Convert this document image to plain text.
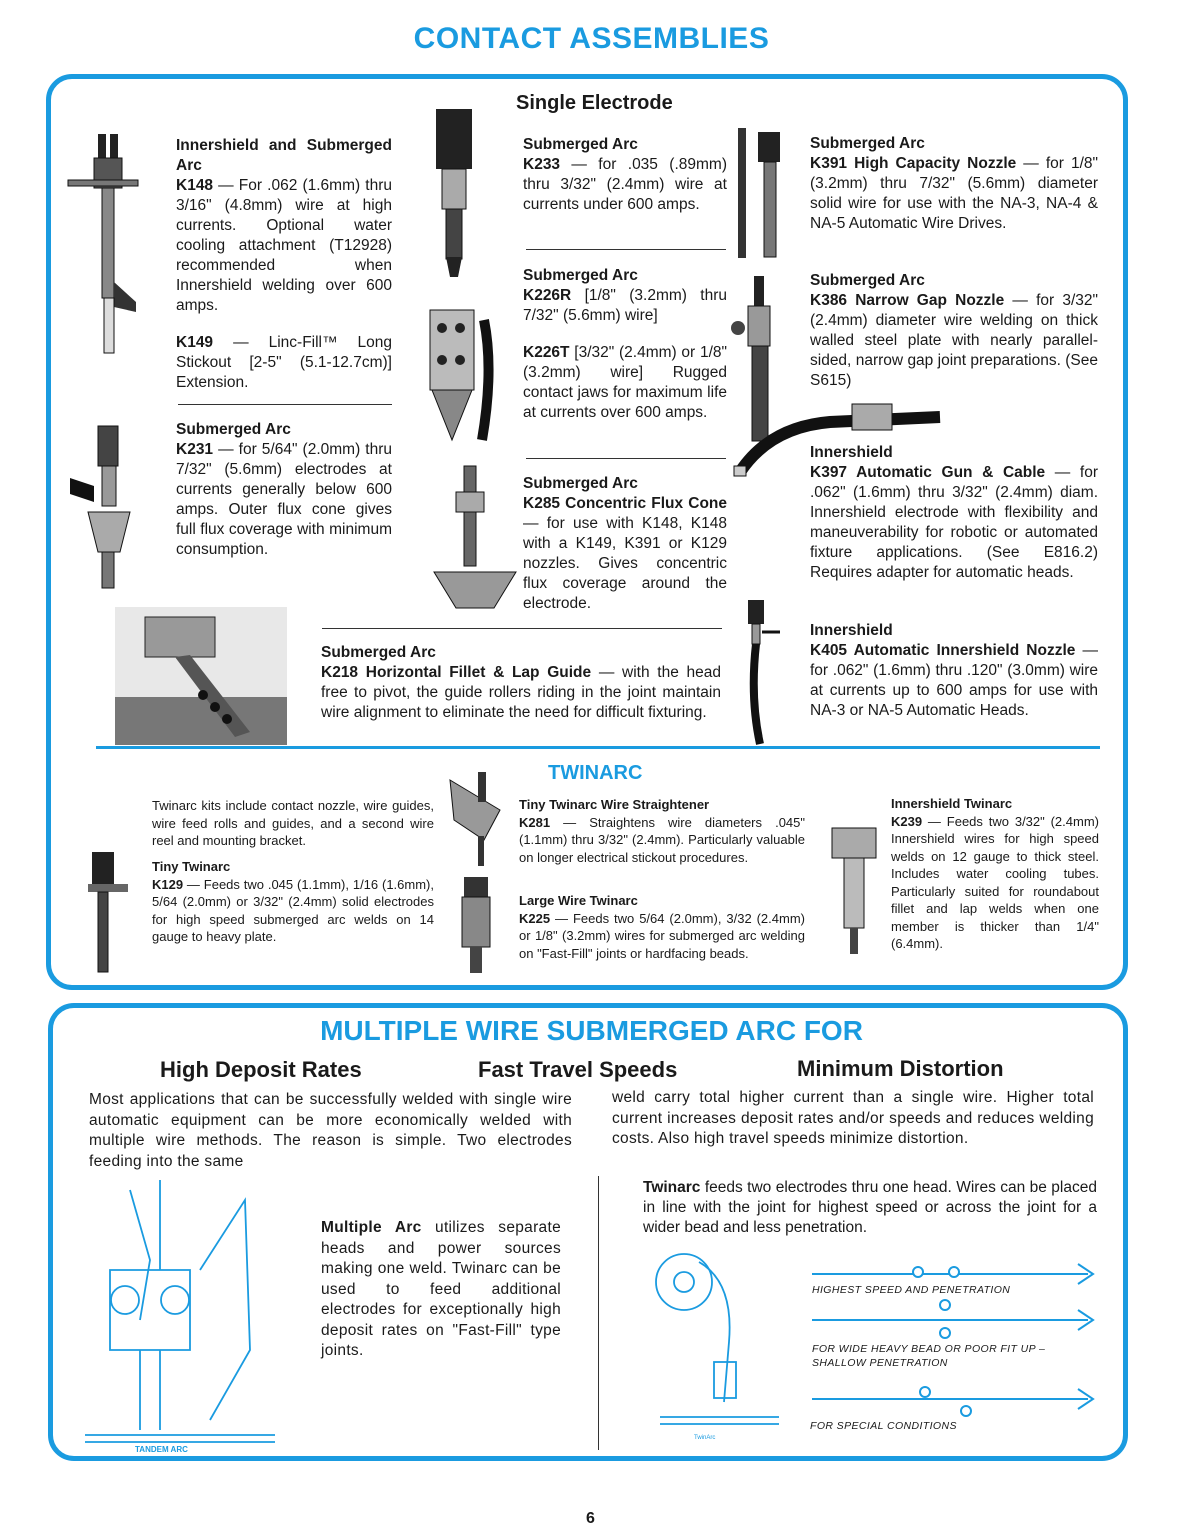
CONTACT ASSEMBLIES
Single Electrode
Innershield and Submerged Arc
K148 — For .062 (1.6mm) thru 3/16" (4.8mm) wire at high currents. Optional water cooling attachment (T12928) recommended when Innershield welding over 600 amps.
K149 — Linc-Fill™ Long Stickout [2-5" (5.1-12.7cm)] Extension.
Submerged Arc
K231 — for 5/64" (2.0mm) thru 7/32" (5.6mm) electrodes at currents generally below 600 amps. Outer flux cone gives full flux coverage with minimum consumption.
Submerged Arc
K233 — for .035 (.89mm) thru 3/32" (2.4mm) wire at currents under 600 amps.
Submerged Arc
K226R [1/8" (3.2mm) thru 7/32" (5.6mm) wire]
K226T [3/32" (2.4mm) or 1/8" (3.2mm) wire] Rugged contact jaws for maximum life at currents over 600 amps.
Submerged Arc
K285 Concentric Flux Cone — for use with K148, K148 with a K149, K391 or K129 nozzles. Gives concentric flux coverage around the electrode.
Submerged Arc
K218 Horizontal Fillet & Lap Guide — with the head free to pivot, the guide rollers riding in the joint maintain wire alignment to eliminate the need for difficult fixturing.
Submerged Arc
K391 High Capacity Nozzle — for 1/8" (3.2mm) thru 7/32" (5.6mm) diameter solid wire for use with the NA-3, NA-4 & NA-5 Automatic Wire Drives.
Submerged Arc
K386 Narrow Gap Nozzle — for 3/32" (2.4mm) diameter wire welding on thick walled steel plate with nearly parallel-sided, narrow gap joint preparations. (See S615)
Innershield
K397 Automatic Gun & Cable — for .062" (1.6mm) thru 3/32" (2.4mm) diam. Innershield electrode with flexibility and maneuverability for robotic or automated fixture applications. (See E816.2) Requires adapter for automatic heads.
Innershield
K405 Automatic Innershield Nozzle — for .062" (1.6mm) thru .120" (3.0mm) wire at currents up to 600 amps for use with NA-3 or NA-5 Automatic Heads.
TWINARC
Twinarc kits include contact nozzle, wire guides, wire feed rolls and guides, and a second wire reel and mounting bracket.
Tiny Twinarc
K129 — Feeds two .045 (1.1mm), 1/16 (1.6mm), 5/64 (2.0mm) or 3/32" (2.4mm) solid electrodes for high speed submerged arc welds on 14 gauge to heavy plate.
Tiny Twinarc Wire Straightener
K281 — Straightens wire diameters .045" (1.1mm) thru 3/32" (2.4mm). Particularly valuable on longer electrical stickout procedures.
Large Wire Twinarc
K225 — Feeds two 5/64 (2.0mm), 3/32 (2.4mm) or 1/8" (3.2mm) wires for submerged arc welding on "Fast-Fill" joints or hardfacing beads.
Innershield Twinarc
K239 — Feeds two 3/32" (2.4mm) Innershield wires for high speed welds on 12 gauge to thick steel. Includes water cooling tubes. Particularly suited for roundabout fillet and lap welds when one member is thicker than 1/4" (6.4mm).
MULTIPLE WIRE SUBMERGED ARC FOR
High Deposit Rates	Fast Travel Speeds	Minimum Distortion
Most applications that can be successfully welded with single wire automatic equipment can be more economically welded with multiple wire methods. The reason is simple. Two electrodes feeding into the same
weld carry total higher current than a single wire. Higher total current increases deposit rates and/or speeds and reduces welding costs. Also high travel speeds minimize distortion.
TANDEM ARC
Multiple Arc utilizes separate heads and power sources making one weld. Twinarc can be used to feed additional electrodes for exceptionally high deposit rates on "Fast-Fill" type joints.
Twinarc feeds two electrodes thru one head. Wires can be placed in line with the joint for highest speed or across the joint for a wider bead and less penetration.
TwinArc
HIGHEST SPEED AND PENETRATION
FOR WIDE HEAVY BEAD OR POOR FIT UP –
SHALLOW PENETRATION
FOR SPECIAL CONDITIONS
6
